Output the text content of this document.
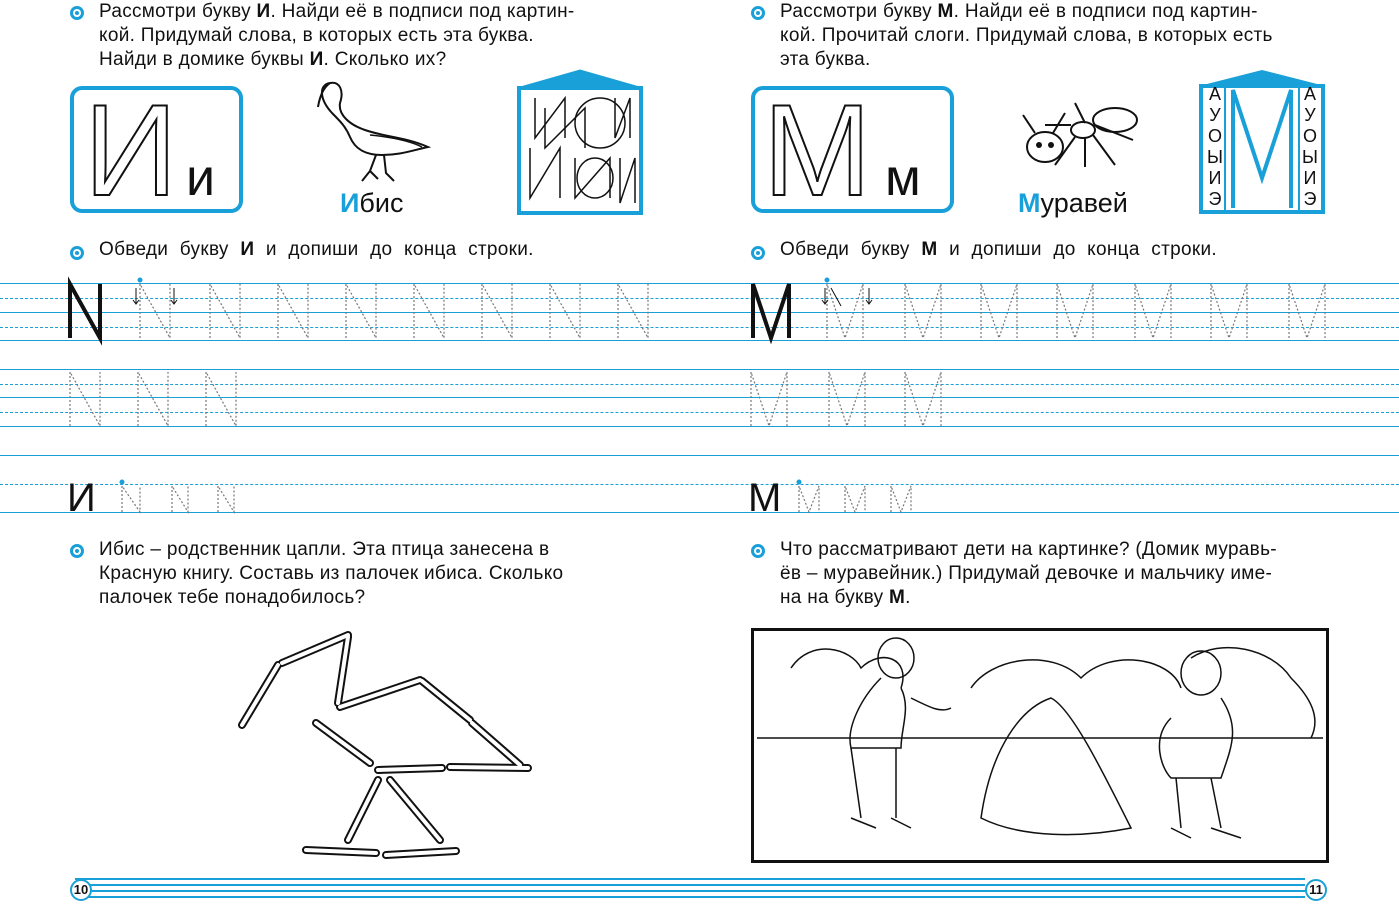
Рассмотри букву И. Найди её в подписи под картин-
кой. Придумай слова, в которых есть эта буква.
Найди в домике буквы И. Сколько их?
И и	Ибис
Обведи букву И и допиши до конца строки.
И
Ибис – родственник цапли. Эта птица занесена в
Красную книгу. Составь из палочек ибиса. Сколько
палочек тебе понадобилось?
Рассмотри букву М. Найди её в подписи под картин-
кой. Прочитай слоги. Придумай слова, в которых есть
эта буква.
М м	Муравей
А
У
О
Ы
И
Э
А
У
О
Ы
И
Э
Обведи букву М и допиши до конца строки.
М
Что рассматривают дети на картинке? (Домик муравь-
ёв – муравейник.) Придумай девочке и мальчику име-
на на букву М.
10	11
